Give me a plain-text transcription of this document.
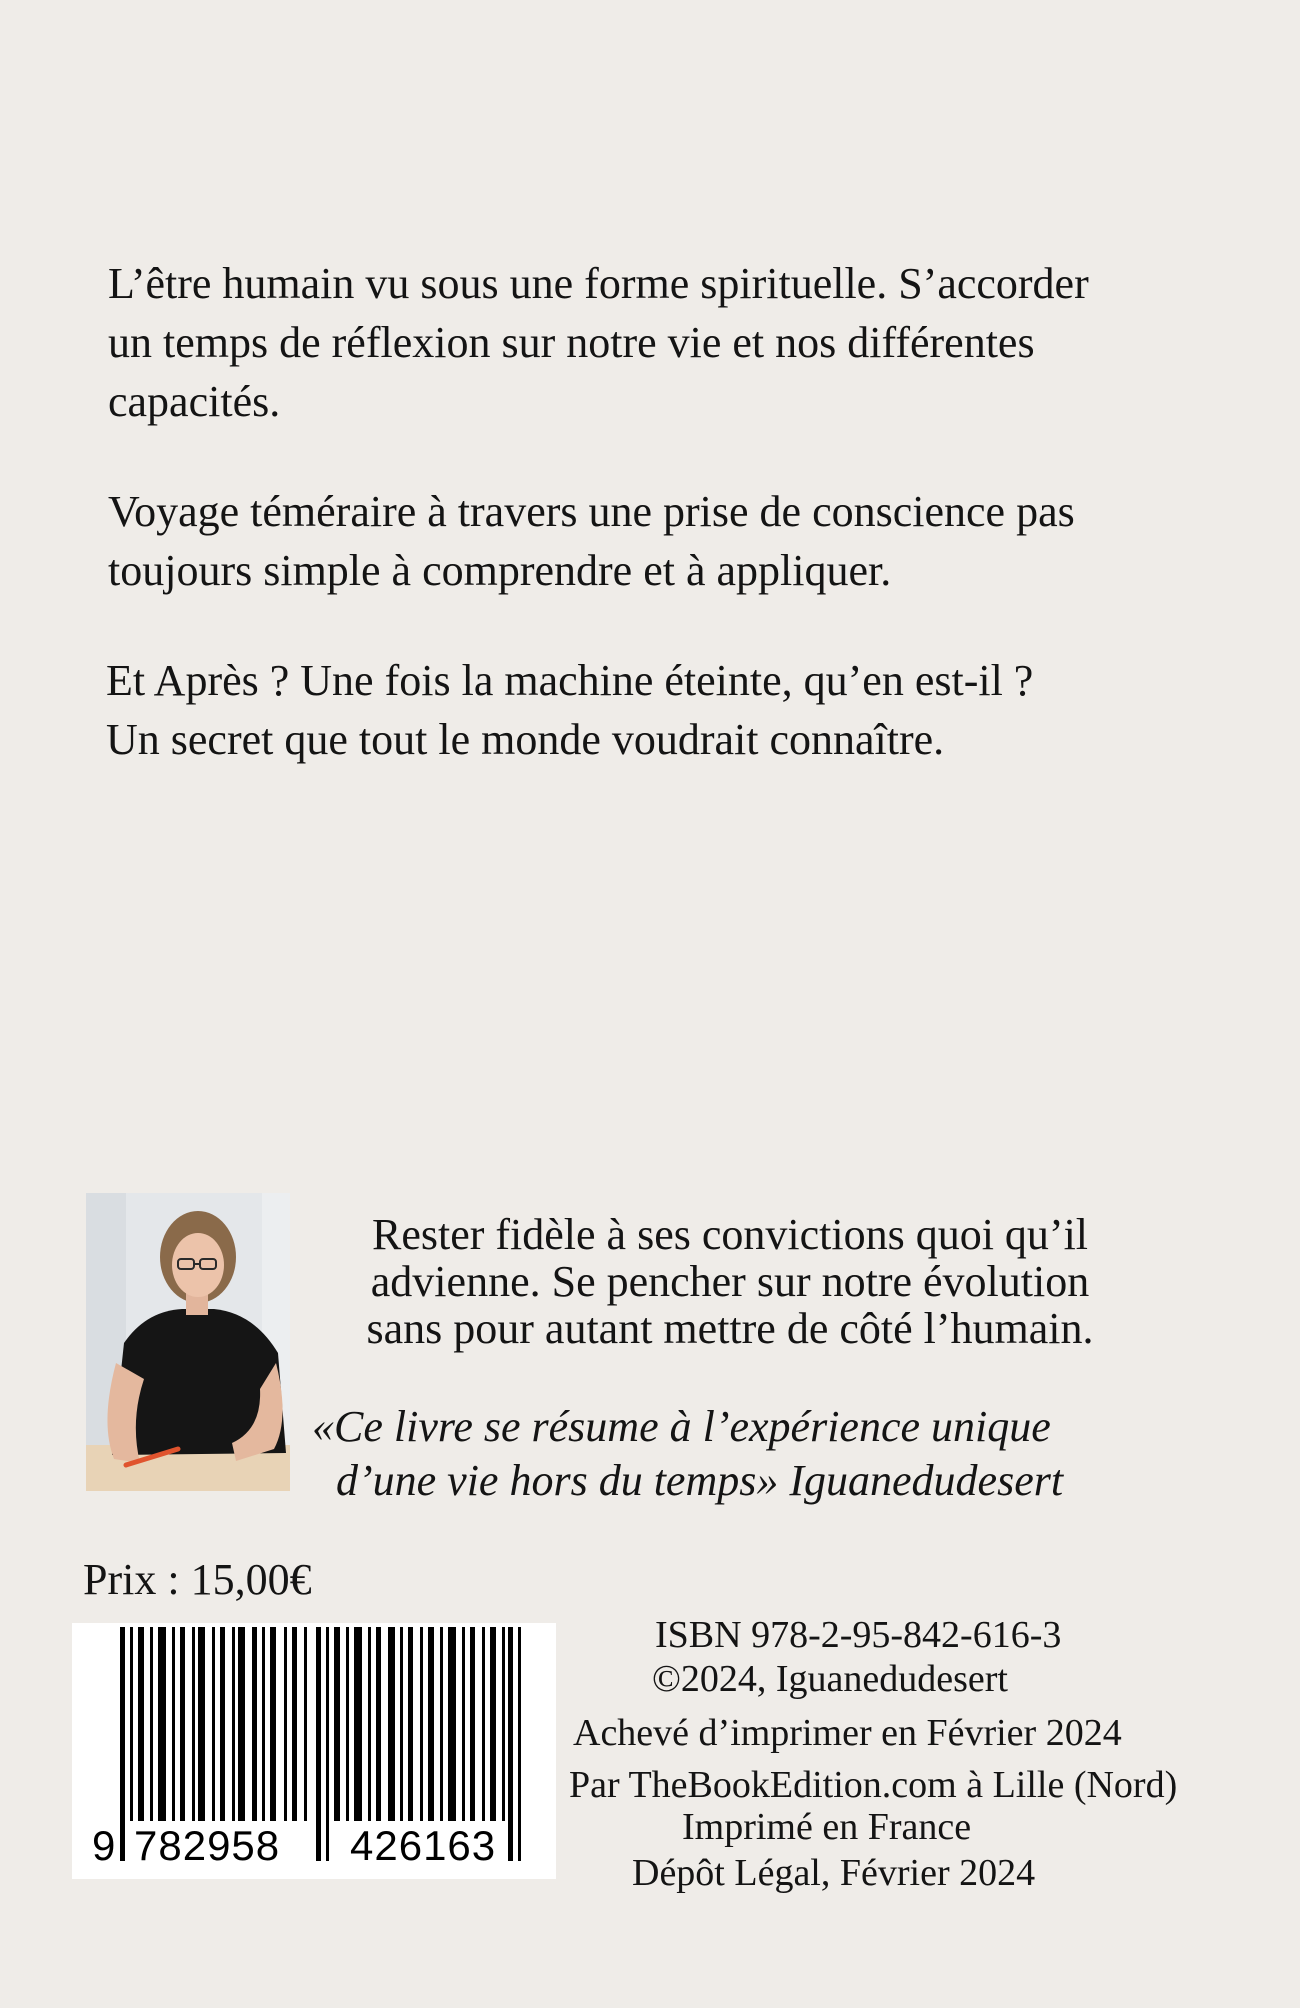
L’être humain vu sous une forme spirituelle. S’accorder
un temps de réflexion sur notre vie et nos différentes
capacités.
Voyage téméraire à travers une prise de conscience pas
toujours simple à comprendre et à appliquer.
Et Après ? Une fois la machine éteinte, qu’en est-il ?
Un secret que tout le monde voudrait connaître.
Rester fidèle à ses convictions quoi qu’il
advienne. Se pencher sur notre évolution
sans pour autant mettre de côté l’humain.
«Ce livre se résume à l’expérience unique
d’une vie hors du temps» Iguanedudesert
Prix : 15,00€
9 782958 426163
ISBN 978-2-95-842-616-3
©2024, Iguanedudesert
Achevé d’imprimer en Février 2024
Par TheBookEdition.com à Lille (Nord)
Imprimé en France
Dépôt Légal, Février 2024
